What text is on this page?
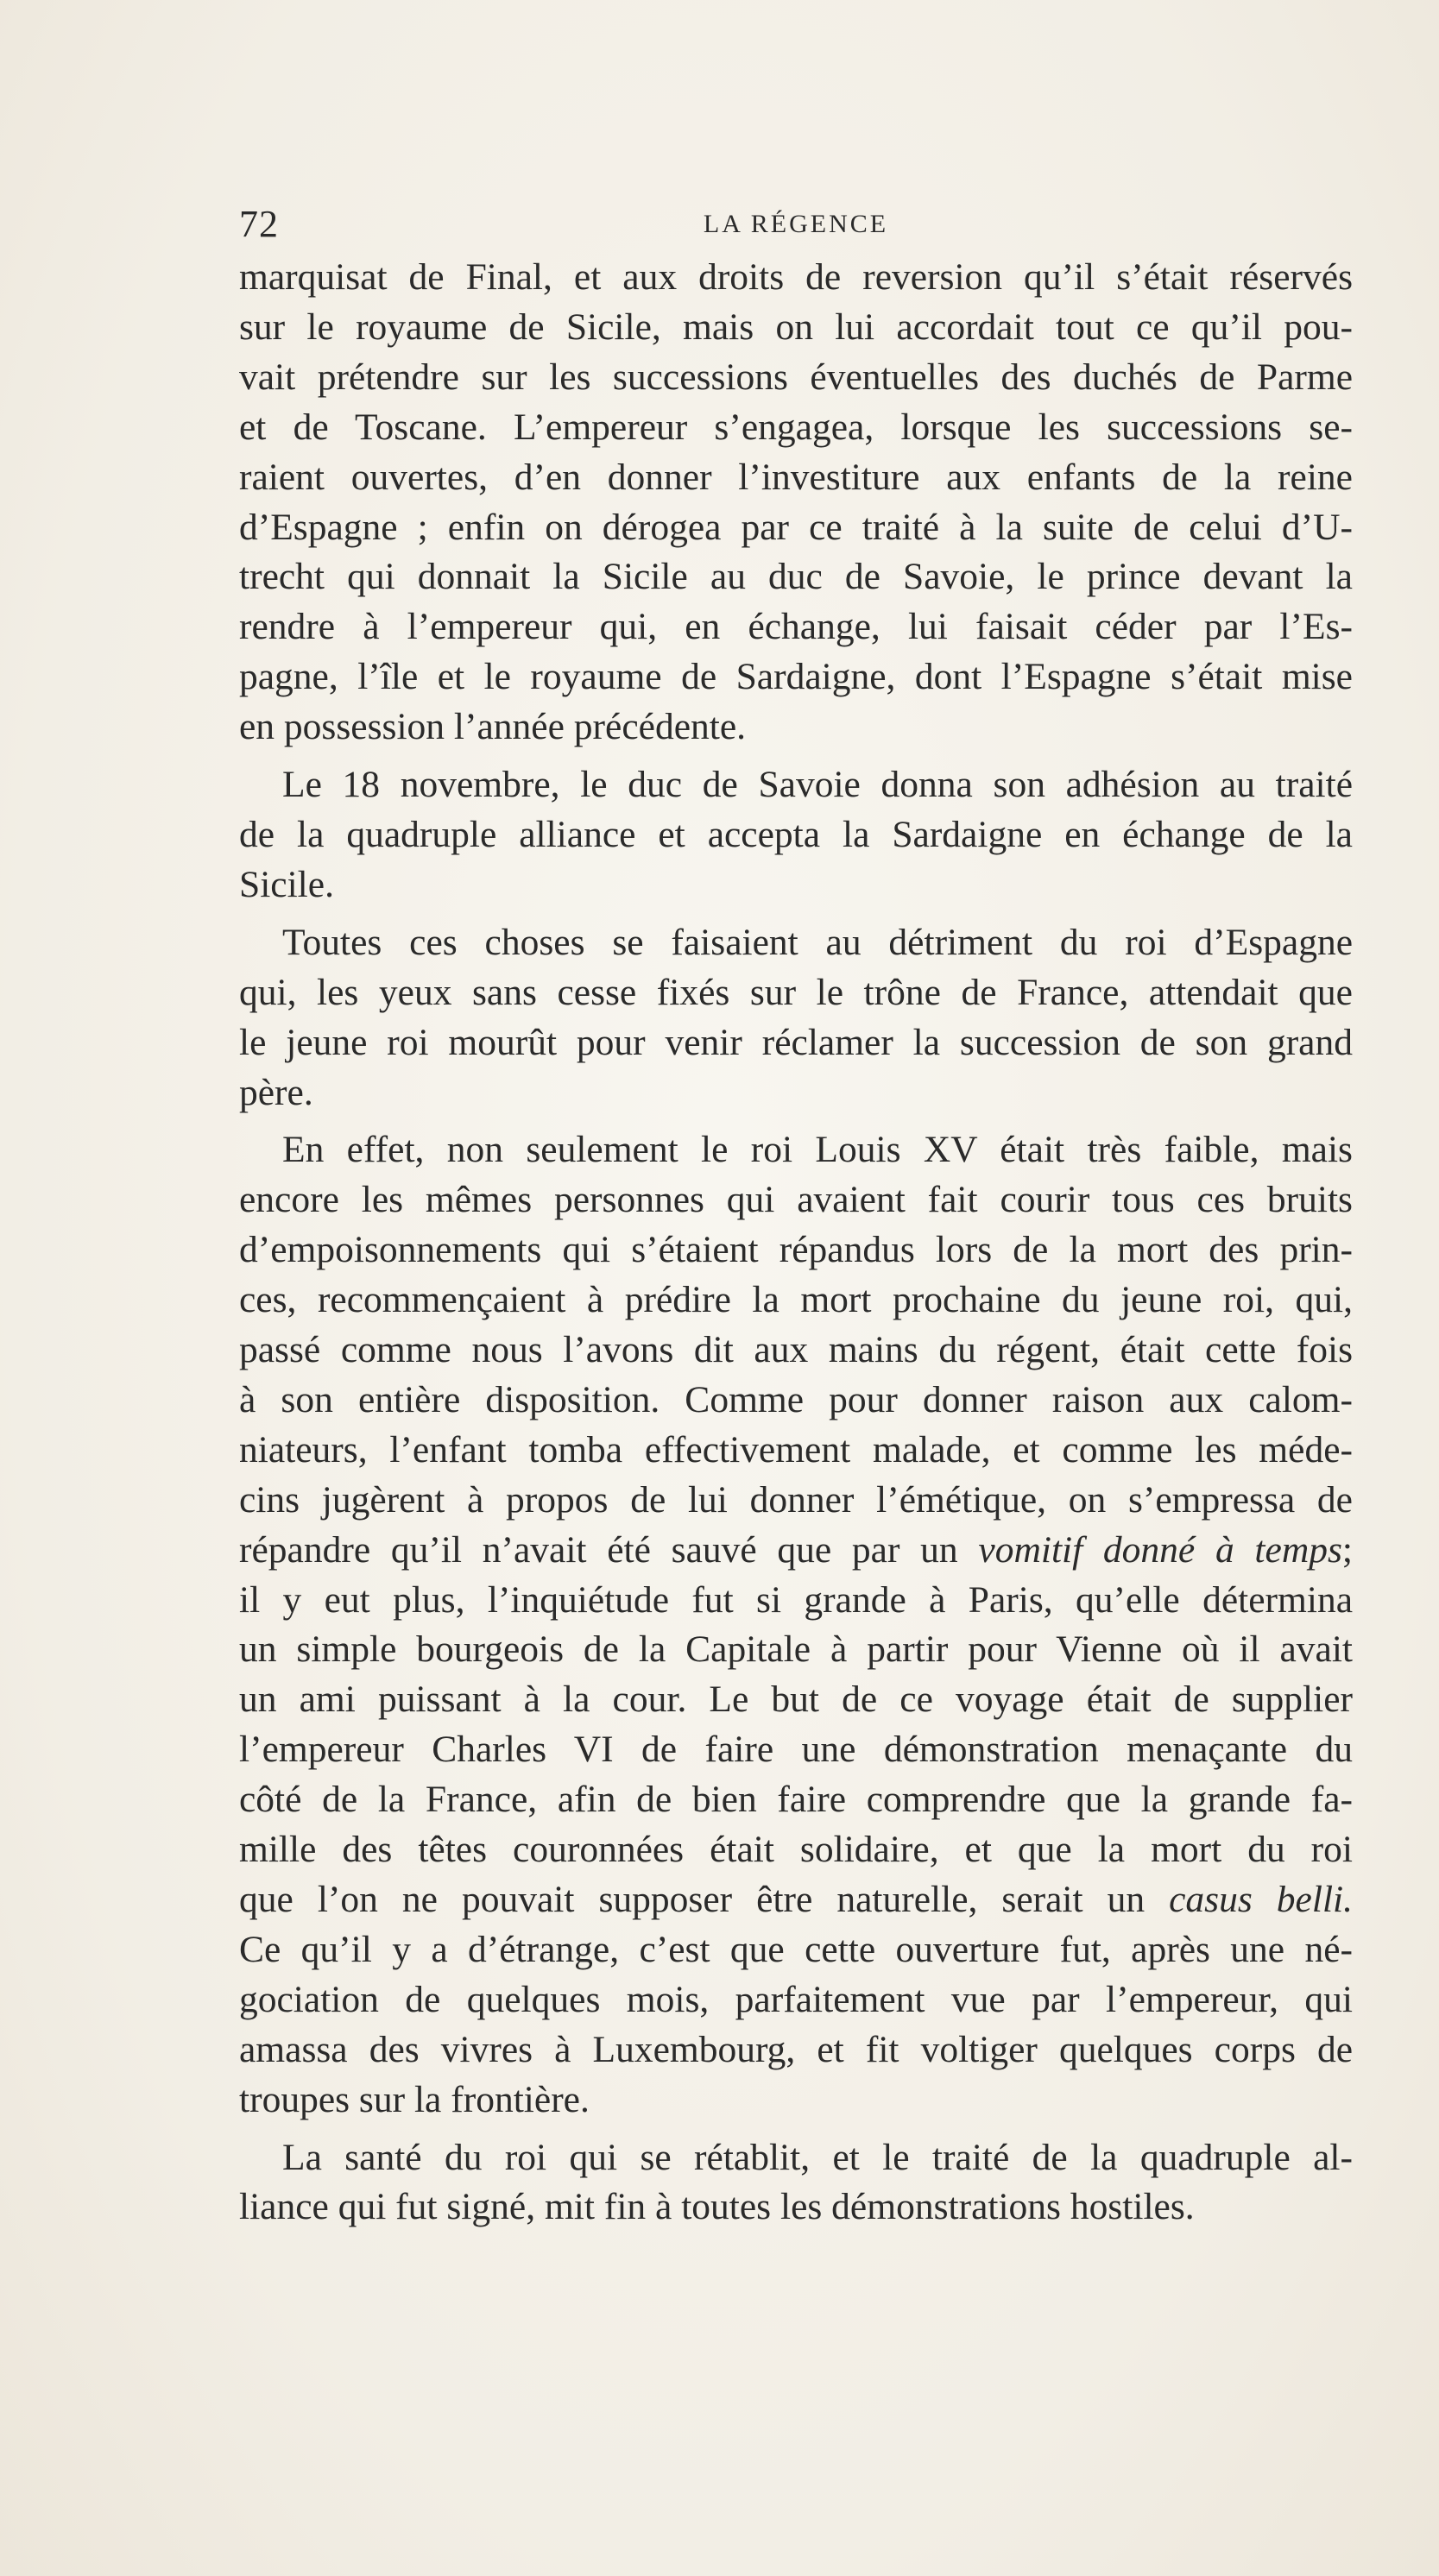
72	LA RÉGENCE
marquisat de Final, et aux droits de reversion qu’il s’était réservés
sur le royaume de Sicile, mais on lui accordait tout ce qu’il pou-
vait prétendre sur les successions éventuelles des duchés de Parme
et de Toscane. L’empereur s’engagea, lorsque les successions se-
raient ouvertes, d’en donner l’investiture aux enfants de la reine
d’Espagne ; enfin on dérogea par ce traité à la suite de celui d’U-
trecht qui donnait la Sicile au duc de Savoie, le prince devant la
rendre à l’empereur qui, en échange, lui faisait céder par l’Es-
pagne, l’île et le royaume de Sardaigne, dont l’Espagne s’était mise
en possession l’année précédente.
Le 18 novembre, le duc de Savoie donna son adhésion au traité
de la quadruple alliance et accepta la Sardaigne en échange de la
Sicile.
Toutes ces choses se faisaient au détriment du roi d’Espagne
qui, les yeux sans cesse fixés sur le trône de France, attendait que
le jeune roi mourût pour venir réclamer la succession de son grand
père.
En effet, non seulement le roi Louis XV était très faible, mais
encore les mêmes personnes qui avaient fait courir tous ces bruits
d’empoisonnements qui s’étaient répandus lors de la mort des prin-
ces, recommençaient à prédire la mort prochaine du jeune roi, qui,
passé comme nous l’avons dit aux mains du régent, était cette fois
à son entière disposition. Comme pour donner raison aux calom-
niateurs, l’enfant tomba effectivement malade, et comme les méde-
cins jugèrent à propos de lui donner l’émétique, on s’empressa de
répandre qu’il n’avait été sauvé que par un vomitif donné à temps;
il y eut plus, l’inquiétude fut si grande à Paris, qu’elle détermina
un simple bourgeois de la Capitale à partir pour Vienne où il avait
un ami puissant à la cour. Le but de ce voyage était de supplier
l’empereur Charles VI de faire une démonstration menaçante du
côté de la France, afin de bien faire comprendre que la grande fa-
mille des têtes couronnées était solidaire, et que la mort du roi
que l’on ne pouvait supposer être naturelle, serait un casus belli.
Ce qu’il y a d’étrange, c’est que cette ouverture fut, après une né-
gociation de quelques mois, parfaitement vue par l’empereur, qui
amassa des vivres à Luxembourg, et fit voltiger quelques corps de
troupes sur la frontière.
La santé du roi qui se rétablit, et le traité de la quadruple al-
liance qui fut signé, mit fin à toutes les démonstrations hostiles.
